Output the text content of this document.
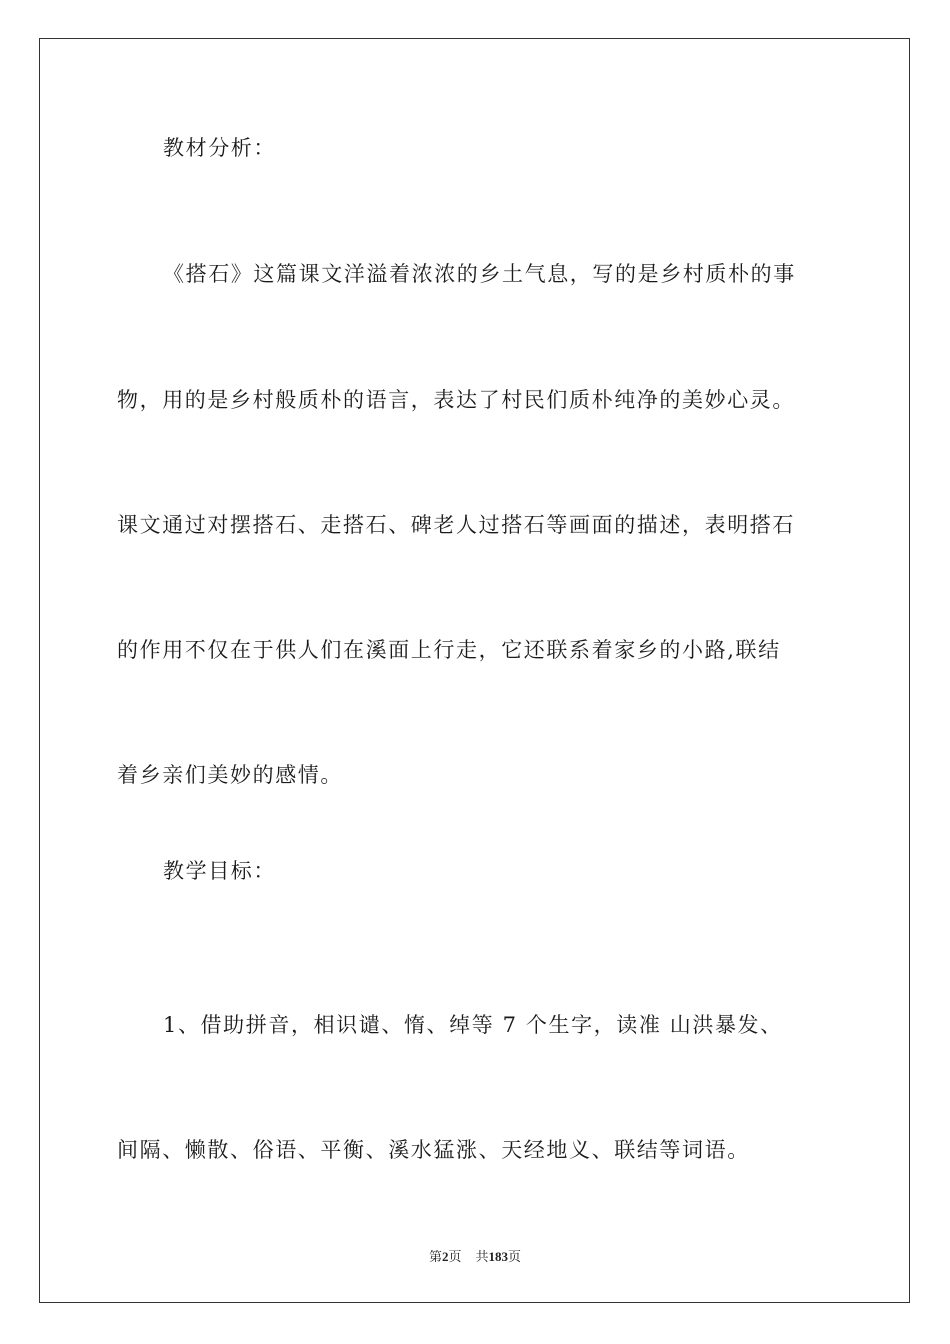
教材分析：
《搭石》这篇课文洋溢着浓浓的乡土气息，写的是乡村质朴的事
物，用的是乡村般质朴的语言，表达了村民们质朴纯净的美妙心灵。
课文通过对摆搭石、走搭石、碑老人过搭石等画面的描述，表明搭石
的作用不仅在于供人们在溪面上行走，它还联系着家乡的小路,联结
着乡亲们美妙的感情。
教学目标：
1、借助拼音，相识谴、惰、绰等 7 个生字，读准 山洪暴发、
间隔、懒散、俗语、平衡、溪水猛涨、天经地义、联结等词语。
第2页 共183页
